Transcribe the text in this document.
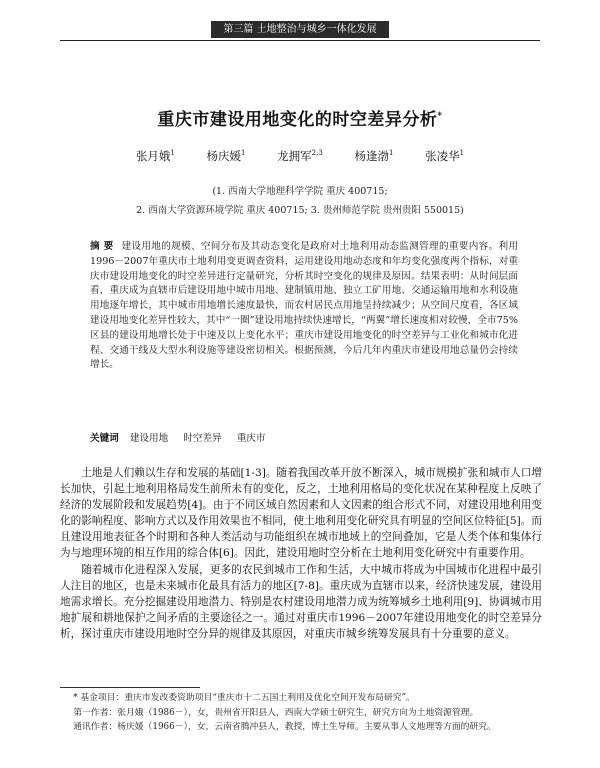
第三篇 土地整治与城乡一体化发展
重庆市建设用地变化的时空差异分析*
张月娥$^1$	杨庆媛$^1$	龙拥军$^{2,3}$	杨逢渤$^1$	张凌华$^1$
(1. 西南大学地理科学学院 重庆 400715;
2. 西南大学资源环境学院 重庆 400715; 3. 贵州师范学院 贵州贵阳 550015)
摘 要 建设用地的规模、空间分布及其动态变化是政府对土地利用动态监测管理的重要内容。利用1996－2007年重庆市土地利用变更调查资料，运用建设用地动态度和年均变化强度两个指标，对重庆市建设用地变化的时空差异进行定量研究，分析其时空变化的规律及原因。结果表明：从时间层面看，重庆成为直辖市后建设用地中城市用地、建制镇用地、独立工矿用地、交通运输用地和水利设施用地逐年增长，其中城市用地增长速度最快，而农村居民点用地呈持续减少；从空间尺度看，各区域建设用地变化差异性较大，其中“一圈”建设用地持续快速增长，“两翼”增长速度相对较慢，全市75%区县的建设用地增长处于中速及以上变化水平；重庆市建设用地变化的时空差异与工业化和城市化进程、交通干线及大型水利设施等建设密切相关。根据预测，今后几年内重庆市建设用地总量仍会持续增长。
关键词 建设用地 时空差异 重庆市

土地是人们赖以生存和发展的基础[1-3]。随着我国改革开放不断深入，城市规模扩张和城市人口增长加快，引起土地利用格局发生前所未有的变化，反之，土地利用格局的变化状况在某种程度上反映了经济的发展阶段和发展趋势[4]。由于不同区域自然因素和人文因素的组合形式不同，对建设用地利用变化的影响程度、影响方式以及作用效果也不相同，使土地利用变化研究具有明显的空间区位特征[5]。而且建设用地表征各个时期和各种人类活动与功能组织在城市地域上的空间叠加，它是人类个体和集体行为与地理环境的相互作用的综合体[6]。因此，建设用地时空分析在土地利用变化研究中有重要作用。

随着城市化进程深入发展，更多的农民到城市工作和生活，大中城市将成为中国城市化进程中最引人注目的地区，也是未来城市化最具有活力的地区[7-8]。重庆成为直辖市以来，经济快速发展，建设用地需求增长。充分挖掘建设用地潜力、特别是农村建设用地潜力成为统筹城乡土地利用[9]、协调城市用地扩展和耕地保护之间矛盾的主要途径之一。通过对重庆市1996－2007年建设用地变化的时空差异分析，探讨重庆市建设用地时空分异的规律及其原因，对重庆市城乡统筹发展具有十分重要的意义。

* 基金项目：重庆市发改委资助项目“重庆市十二五国土利用及优化空间开发布局研究”。

第一作者：张月娥（1986－），女，贵州省开阳县人，西南大学硕士研究生，研究方向为土地资源管理。

通讯作者：杨庆媛（1966－），女，云南省腾冲县人，教授，博士生导师。主要从事人文地理等方面的研究。
